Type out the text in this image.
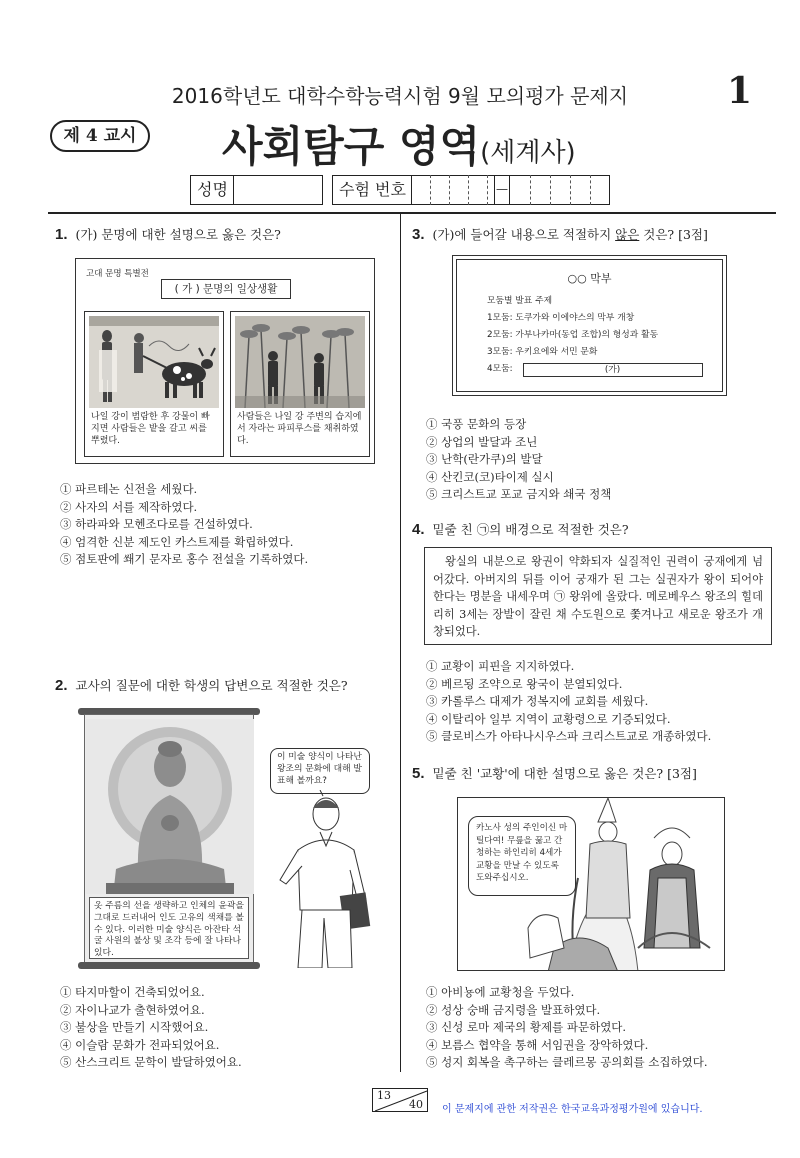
2016학년도 대학수학능력시험 9월 모의평가 문제지	1
제 4 교시	사회탐구 영역(세계사)
성명	수험 번호	—
1. (가) 문명에 대한 설명으로 옳은 것은?
고대 문명 특별전
( 가 ) 문명의 일상생활
나일 강이 범람한 후 강물이 빠지면 사람들은 밭을 갈고 씨를 뿌렸다.
사람들은 나일 강 주변의 습지에서 자라는 파피루스를 채취하였다.
① 파르테논 신전을 세웠다.
② 사자의 서를 제작하였다.
③ 하라파와 모헨조다로를 건설하였다.
④ 엄격한 신분 제도인 카스트제를 확립하였다.
⑤ 점토판에 쐐기 문자로 홍수 전설을 기록하였다.
2. 교사의 질문에 대한 학생의 답변으로 적절한 것은?
옷 주름의 선을 생략하고 인체의 윤곽을 그대로 드러내어 인도 고유의 색채를 볼 수 있다. 이러한 미술 양식은 아잔타 석굴 사원의 불상 및 조각 등에 잘 나타나 있다.
이 미술 양식이 나타난 왕조의 문화에 대해 발표해 볼까요?
① 타지마할이 건축되었어요.
② 자이나교가 출현하였어요.
③ 불상을 만들기 시작했어요.
④ 이슬람 문화가 전파되었어요.
⑤ 산스크리트 문학이 발달하였어요.
3. (가)에 들어갈 내용으로 적절하지 않은 것은? [3점]
○○ 막부
모둠별 발표 주제
1모둠: 도쿠가와 이에야스의 막부 개창
2모둠: 가부나카마(동업 조합)의 형성과 활동
3모둠: 우키요에와 서민 문화
4모둠:	(가)
① 국풍 문화의 등장
② 상업의 발달과 조닌
③ 난학(란가쿠)의 발달
④ 산킨코(코)타이제 실시
⑤ 크리스트교 포교 금지와 쇄국 정책
4. 밑줄 친 ㉠의 배경으로 적절한 것은?
왕실의 내분으로 왕권이 약화되자 실질적인 권력이 궁재에게 넘어갔다. 아버지의 뒤를 이어 궁재가 된 그는 실권자가 왕이 되어야 한다는 명분을 내세우며 ㉠ 왕위에 올랐다. 메로베우스 왕조의 힐데리히 3세는 장발이 잘린 채 수도원으로 쫓겨나고 새로운 왕조가 개창되었다.
① 교황이 피핀을 지지하였다.
② 베르됭 조약으로 왕국이 분열되었다.
③ 카롤루스 대제가 정복지에 교회를 세웠다.
④ 이탈리아 일부 지역이 교황령으로 기증되었다.
⑤ 클로비스가 아타나시우스파 크리스트교로 개종하였다.
5. 밑줄 친 '교황'에 대한 설명으로 옳은 것은? [3점]
카노사 성의 주인이신 마틸다여! 무릎을 꿇고 간청하는 하인리히 4세가 교황을 만날 수 있도록 도와주십시오.
① 아비뇽에 교황청을 두었다.
② 성상 숭배 금지령을 발표하였다.
③ 신성 로마 제국의 황제를 파문하였다.
④ 보름스 협약을 통해 서임권을 장악하였다.
⑤ 성지 회복을 촉구하는 클레르몽 공의회를 소집하였다.
13
40 이 문제지에 관한 저작권은 한국교육과정평가원에 있습니다.
